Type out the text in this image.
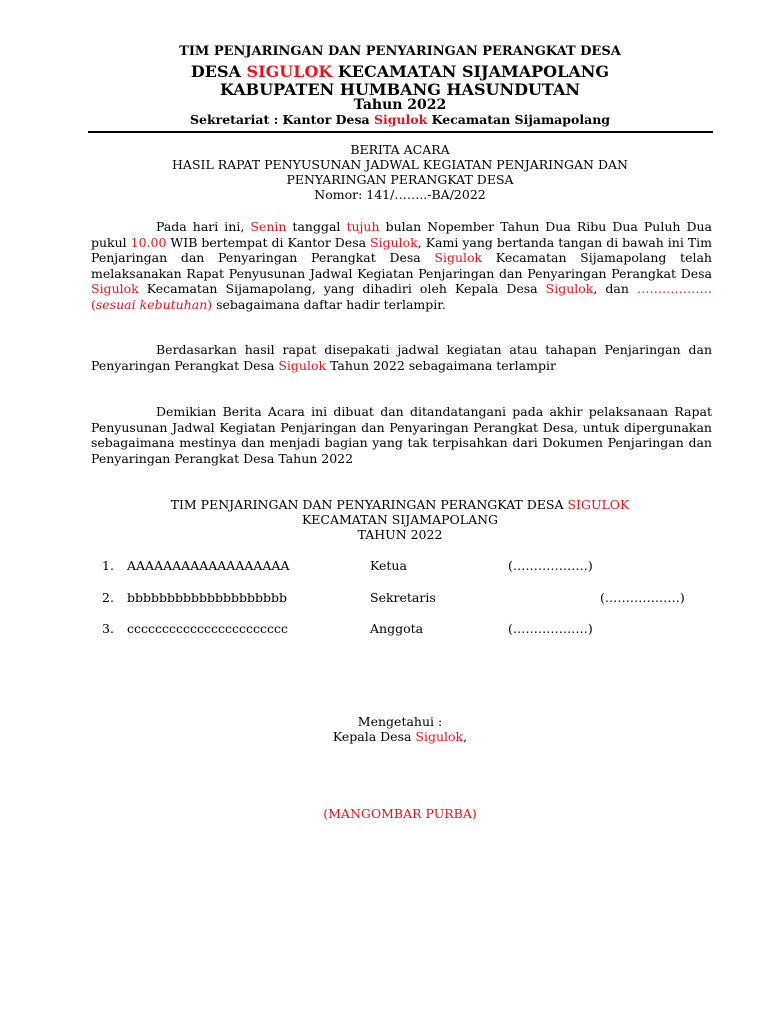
TIM PENJARINGAN DAN PENYARINGAN PERANGKAT DESA
DESA SIGULOK KECAMATAN SIJAMAPOLANG
KABUPATEN HUMBANG HASUNDUTAN
Tahun 2022
Sekretariat : Kantor Desa Sigulok Kecamatan Sijamapolang
BERITA ACARA
HASIL RAPAT PENYUSUNAN JADWAL KEGIATAN PENJARINGAN DAN
PENYARINGAN PERANGKAT DESA
Nomor: 141/……..-BA/2022
Pada hari ini, Senin tanggal tujuh bulan Nopember Tahun Dua Ribu Dua Puluh Dua pukul 10.00 WIB bertempat di Kantor Desa Sigulok, Kami yang bertanda tangan di bawah ini Tim Penjaringan dan Penyaringan Perangkat Desa Sigulok Kecamatan Sijamapolang telah melaksanakan Rapat Penyusunan Jadwal Kegiatan Penjaringan dan Penyaringan Perangkat Desa Sigulok Kecamatan Sijamapolang, yang dihadiri oleh Kepala Desa Sigulok, dan ……………… (sesuai kebutuhan) sebagaimana daftar hadir terlampir.
Berdasarkan hasil rapat disepakati jadwal kegiatan atau tahapan Penjaringan dan Penyaringan Perangkat Desa Sigulok Tahun 2022 sebagaimana terlampir
Demikian Berita Acara ini dibuat dan ditandatangani pada akhir pelaksanaan Rapat Penyusunan Jadwal Kegiatan Penjaringan dan Penyaringan Perangkat Desa, untuk dipergunakan sebagaimana mestinya dan menjadi bagian yang tak terpisahkan dari Dokumen Penjaringan dan Penyaringan Perangkat Desa Tahun 2022
TIM PENJARINGAN DAN PENYARINGAN PERANGKAT DESA SIGULOK
KECAMATAN SIJAMAPOLANG
TAHUN 2022
1. AAAAAAAAAAAAAAAAAA	Ketua	(………………)
2. bbbbbbbbbbbbbbbbbbbb	Sekretaris	(………………)
3. ccccccccccccccccccccccc	Anggota	(………………)
Mengetahui :
Kepala Desa Sigulok,
(MANGOMBAR PURBA)
